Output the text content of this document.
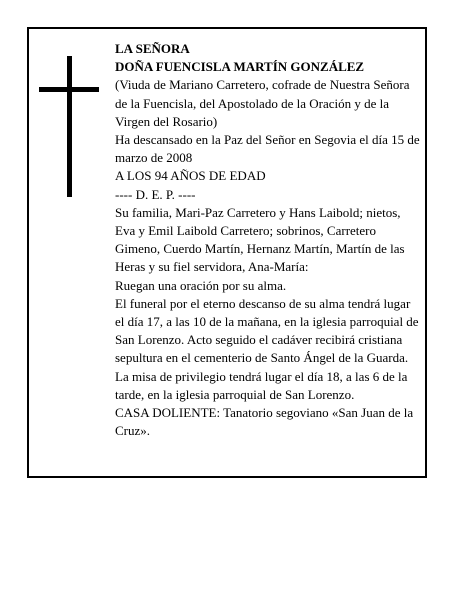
LA SEÑORA

DOÑA FUENCISLA MARTÍN GONZÁLEZ

(Viuda de Mariano Carretero, cofrade de Nuestra Señora de la Fuencisla, del Apostolado de la Oración y de la Virgen del Rosario)

Ha descansado en la Paz del Señor en Segovia el día 15 de marzo de 2008

A LOS 94 AÑOS DE EDAD

---- D. E. P. ----

Su familia, Mari-Paz Carretero y Hans Laibold; nietos, Eva y Emil Laibold Carretero; sobrinos, Carretero Gimeno, Cuerdo Martín, Hernanz Martín, Martín de las Heras y su fiel servidora, Ana-María:

Ruegan una oración por su alma.

El funeral por el eterno descanso de su alma tendrá lugar el día 17, a las 10 de la mañana, en la iglesia parroquial de San Lorenzo. Acto seguido el cadáver recibirá cristiana sepultura en el cementerio de Santo Ángel de la Guarda. La misa de privilegio tendrá lugar el día 18, a las 6 de la tarde, en la iglesia parroquial de San Lorenzo.

CASA DOLIENTE: Tanatorio segoviano «San Juan de la Cruz».
